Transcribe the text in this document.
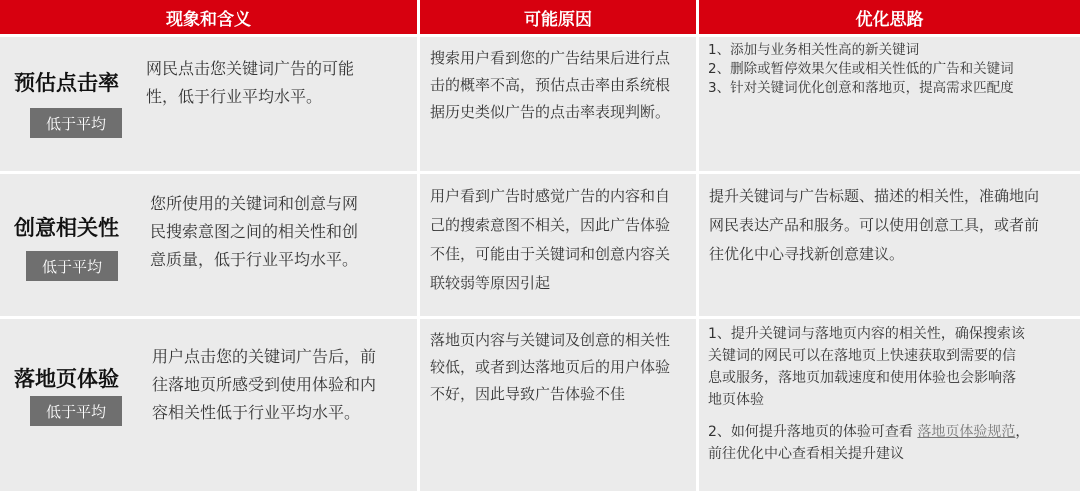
现象和含义	可能原因	优化思路
预估点击率
低于平均
网民点击您关键词广告的可能
性，低于行业平均水平。
搜索用户看到您的广告结果后进行点
击的概率不高，预估点击率由系统根
据历史类似广告的点击率表现判断。
1、添加与业务相关性高的新关键词
2、删除或暂停效果欠佳或相关性低的广告和关键词
3、针对关键词优化创意和落地页，提高需求匹配度
创意相关性
低于平均
您所使用的关键词和创意与网
民搜索意图之间的相关性和创
意质量，低于行业平均水平。
用户看到广告时感觉广告的内容和自
己的搜索意图不相关，因此广告体验
不佳，可能由于关键词和创意内容关
联较弱等原因引起
提升关键词与广告标题、描述的相关性，准确地向
网民表达产品和服务。可以使用创意工具，或者前
往优化中心寻找新创意建议。
落地页体验
低于平均
用户点击您的关键词广告后，前
往落地页所感受到使用体验和内
容相关性低于行业平均水平。
落地页内容与关键词及创意的相关性
较低，或者到达落地页后的用户体验
不好，因此导致广告体验不佳
1、提升关键词与落地页内容的相关性，确保搜索该
关键词的网民可以在落地页上快速获取到需要的信
息或服务，落地页加载速度和使用体验也会影响落
地页体验
2、如何提升落地页的体验可查看 落地页体验规范，
前往优化中心查看相关提升建议
